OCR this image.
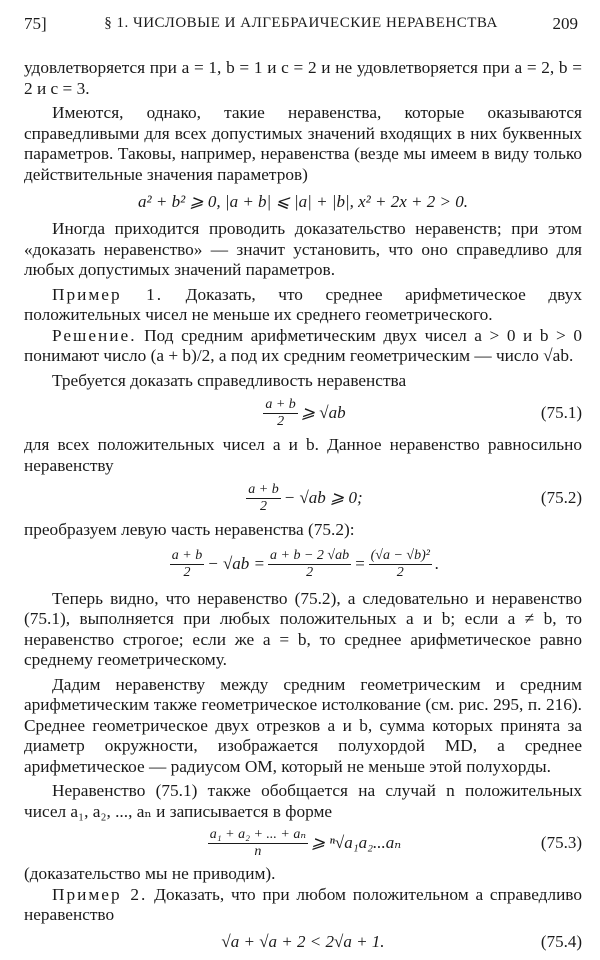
75]	§ 1. ЧИСЛОВЫЕ И АЛГЕБРАИЧЕСКИЕ НЕРАВЕНСТВА	209

удовлетворяется при a = 1, b = 1 и c = 2 и не удовлетворяется при a = 2, b = 2 и c = 3.

Имеются, однако, такие неравенства, которые оказываются справедливыми для всех допустимых значений входящих в них буквенных параметров. Таковы, например, неравенства (везде мы имеем в виду только действительные значения параметров)

a² + b² ⩾ 0, |a + b| ⩽ |a| + |b|, x² + 2x + 2 > 0.

Иногда приходится проводить доказательство неравенств; при этом «доказать неравенство» — значит установить, что оно справедливо для любых допустимых значений параметров.

Пример 1. Доказать, что среднее арифметическое двух положительных чисел не меньше их среднего геометрического.

Решение. Под средним арифметическим двух чисел a > 0 и b > 0 понимают число (a + b)/2, а под их средним геометрическим — число √ab.

Требуется доказать справедливость неравенства

$\frac{a + b}{2}$ ⩾ √ab	(75.1)

для всех положительных чисел a и b. Данное неравенство равносильно неравенству

$\frac{a + b}{2} - √ab$ ⩾ 0;	(75.2)

преобразуем левую часть неравенства (75.2):

$\frac{a + b}{2} - √ab = \frac{a + b - 2 √ab}{2} = \frac{\text{(√a − √b)²}}{2}$ .

Теперь видно, что неравенство (75.2), а следовательно и неравенство (75.1), выполняется при любых положительных a и b; если a ≠ b, то неравенство строгое; если же a = b, то среднее арифметическое равно среднему геометрическому.

Дадим неравенству между средним геометрическим и средним арифметическим также геометрическое истолкование (см. рис. 295, п. 216). Среднее геометрическое двух отрезков a и b, сумма которых принята за диаметр окружности, изображается полухордой MD, а среднее арифметическое — радиусом OM, который не меньше этой полухорды.

Неравенство (75.1) также обобщается на случай n положительных чисел a₁, a₂, ..., aₙ и записывается в форме

$\frac{\text{a₁ + a₂ + ... + aₙ}}{n}$ ⩾ ⁿ√a₁a₂...aₙ	(75.3)

(доказательство мы не приводим).

Пример 2. Доказать, что при любом положительном a справедливо неравенство

√a + √a + 2 < 2√a + 1.	(75.4)
